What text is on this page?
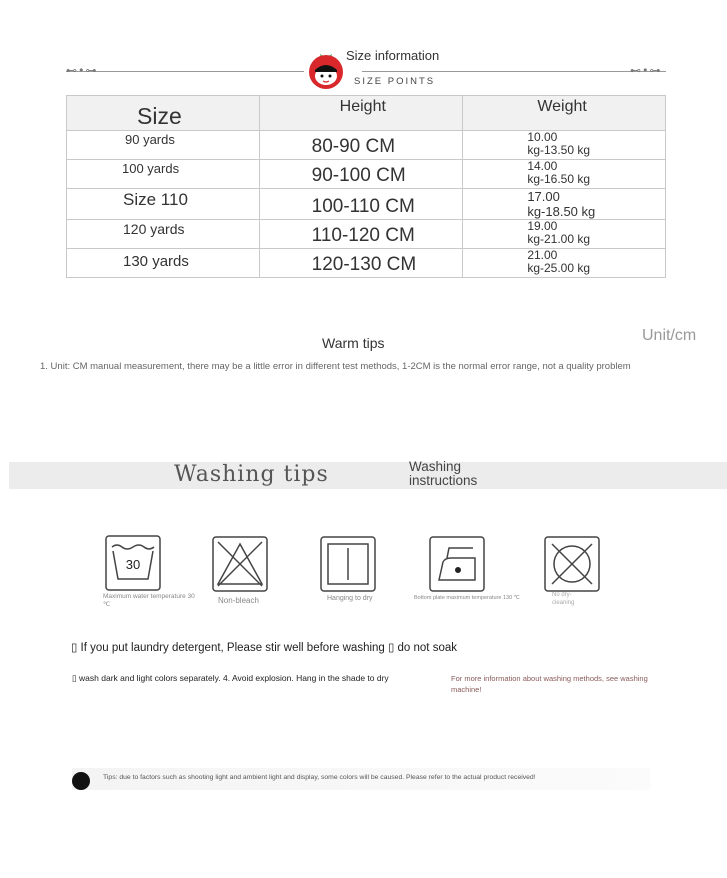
⊷•⊶	⊷•⊶
Size information
SIZE POINTS
Size	Height	Weight
90 yards	80-90 CM	10.00
kg-13.50 kg

100 yards	90-100 CM	14.00
kg-16.50 kg

Size 110	100-110 CM	17.00
kg-18.50 kg

120 yards	110-120 CM	19.00
kg-21.00 kg

130 yards	120-130 CM	21.00
kg-25.00 kg
Warm tips	Unit/cm
1. Unit: CM manual measurement, there may be a little error in different test methods, 1-2CM is the normal error range, not a quality problem
Washing tips	Washing instructions
30
Maximum water temperature 30 ℃	Non-bleach	Hanging to dry	Bottom plate maximum temperature 130 ℃	No dry-cleaning
▯ If you put laundry detergent, Please stir well before washing ▯ do not soak
▯ wash dark and light colors separately. 4. Avoid explosion. Hang in the shade to dry	For more information about washing methods, see washing machine!
Tips: due to factors such as shooting light and ambient light and display, some colors will be caused. Please refer to the actual product received!
